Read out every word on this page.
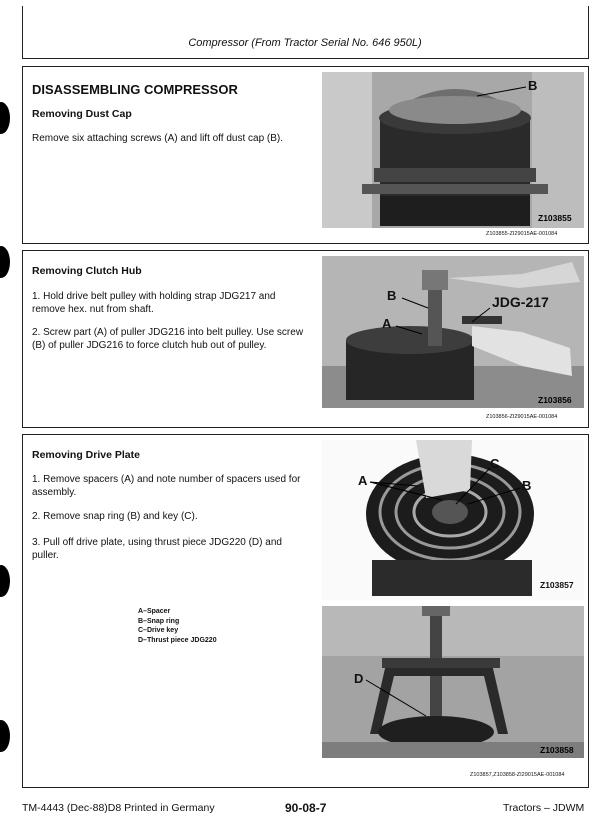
Compressor (From Tractor Serial No. 646 950L)
DISASSEMBLING COMPRESSOR
Removing Dust Cap
Remove six attaching screws (A) and lift off dust cap (B).
B
Z103855
Z103855-ZI29015AE-001084
Removing Clutch Hub
1. Hold drive belt pulley with holding strap JDG217 and remove hex. nut from shaft.
2. Screw part (A) of puller JDG216 into belt pulley. Use screw (B) of puller JDG216 to force clutch hub out of pulley.
B
A
JDG-217
Z103856
Z103856-ZI29015AE-001084
Removing Drive Plate
1. Remove spacers (A) and note number of spacers used for assembly.
2. Remove snap ring (B) and key (C).
3. Pull off drive plate, using thrust piece JDG220 (D) and puller.
A–Spacer
B–Snap ring
C–Drive key
D–Thrust piece JDG220
A
C
B
Z103857
D
Z103858
Z103857,Z103858-ZI29015AE-001084
TM-4443 (Dec-88)D8 Printed in Germany	90-08-7	Tractors – JDWM
